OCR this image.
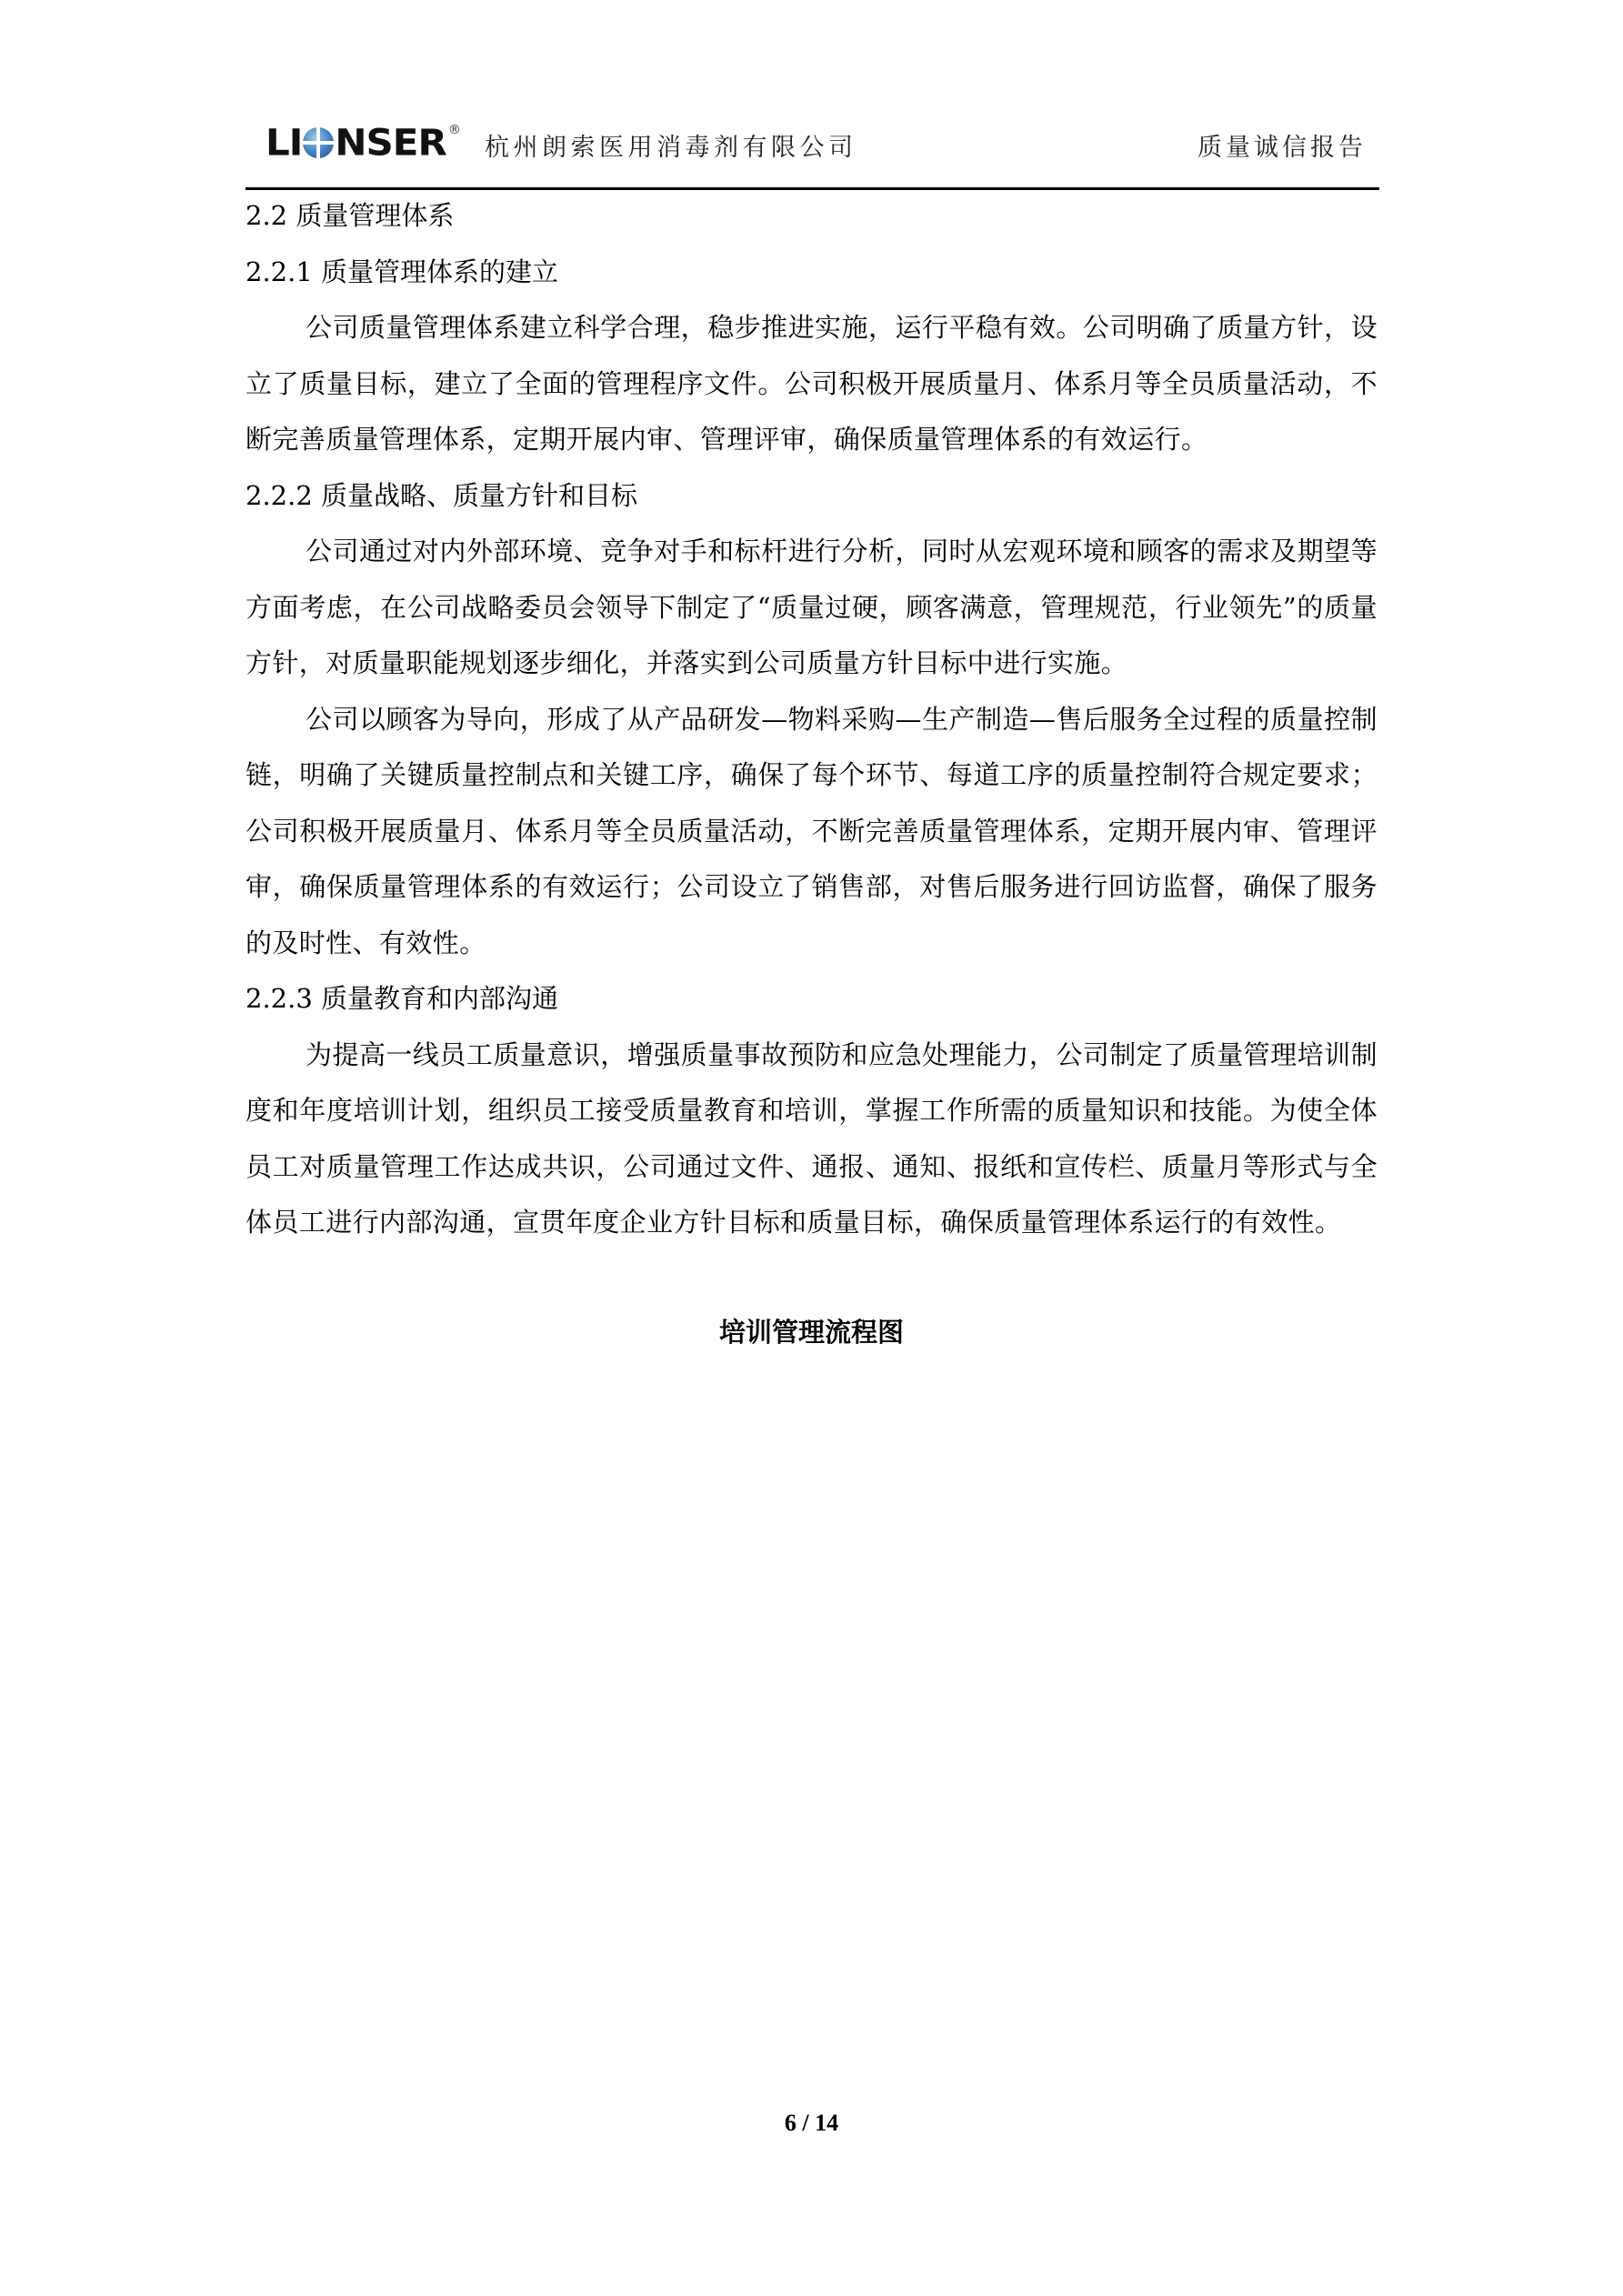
LI NSER ®
杭州朗索医用消毒剂有限公司	质量诚信报告
2.2 质量管理体系
2.2.1 质量管理体系的建立

公司质量管理体系建立科学合理，稳步推进实施，运行平稳有效。公司明确了质量方针，设立了质量目标，建立了全面的管理程序文件。公司积极开展质量月、体系月等全员质量活动，不断完善质量管理体系，定期开展内审、管理评审，确保质量管理体系的有效运行。

2.2.2 质量战略、质量方针和目标

公司通过对内外部环境、竞争对手和标杆进行分析，同时从宏观环境和顾客的需求及期望等方面考虑，在公司战略委员会领导下制定了“质量过硬，顾客满意，管理规范，行业领先”的质量方针，对质量职能规划逐步细化，并落实到公司质量方针目标中进行实施。

公司以顾客为导向，形成了从产品研发—物料采购—生产制造—售后服务全过程的质量控制链，明确了关键质量控制点和关键工序，确保了每个环节、每道工序的质量控制符合规定要求；公司积极开展质量月、体系月等全员质量活动，不断完善质量管理体系，定期开展内审、管理评审，确保质量管理体系的有效运行；公司设立了销售部，对售后服务进行回访监督，确保了服务的及时性、有效性。

2.2.3 质量教育和内部沟通

为提高一线员工质量意识，增强质量事故预防和应急处理能力，公司制定了质量管理培训制度和年度培训计划，组织员工接受质量教育和培训，掌握工作所需的质量知识和技能。为使全体员工对质量管理工作达成共识，公司通过文件、通报、通知、报纸和宣传栏、质量月等形式与全体员工进行内部沟通，宣贯年度企业方针目标和质量目标，确保质量管理体系运行的有效性。

培训管理流程图
6 / 14
